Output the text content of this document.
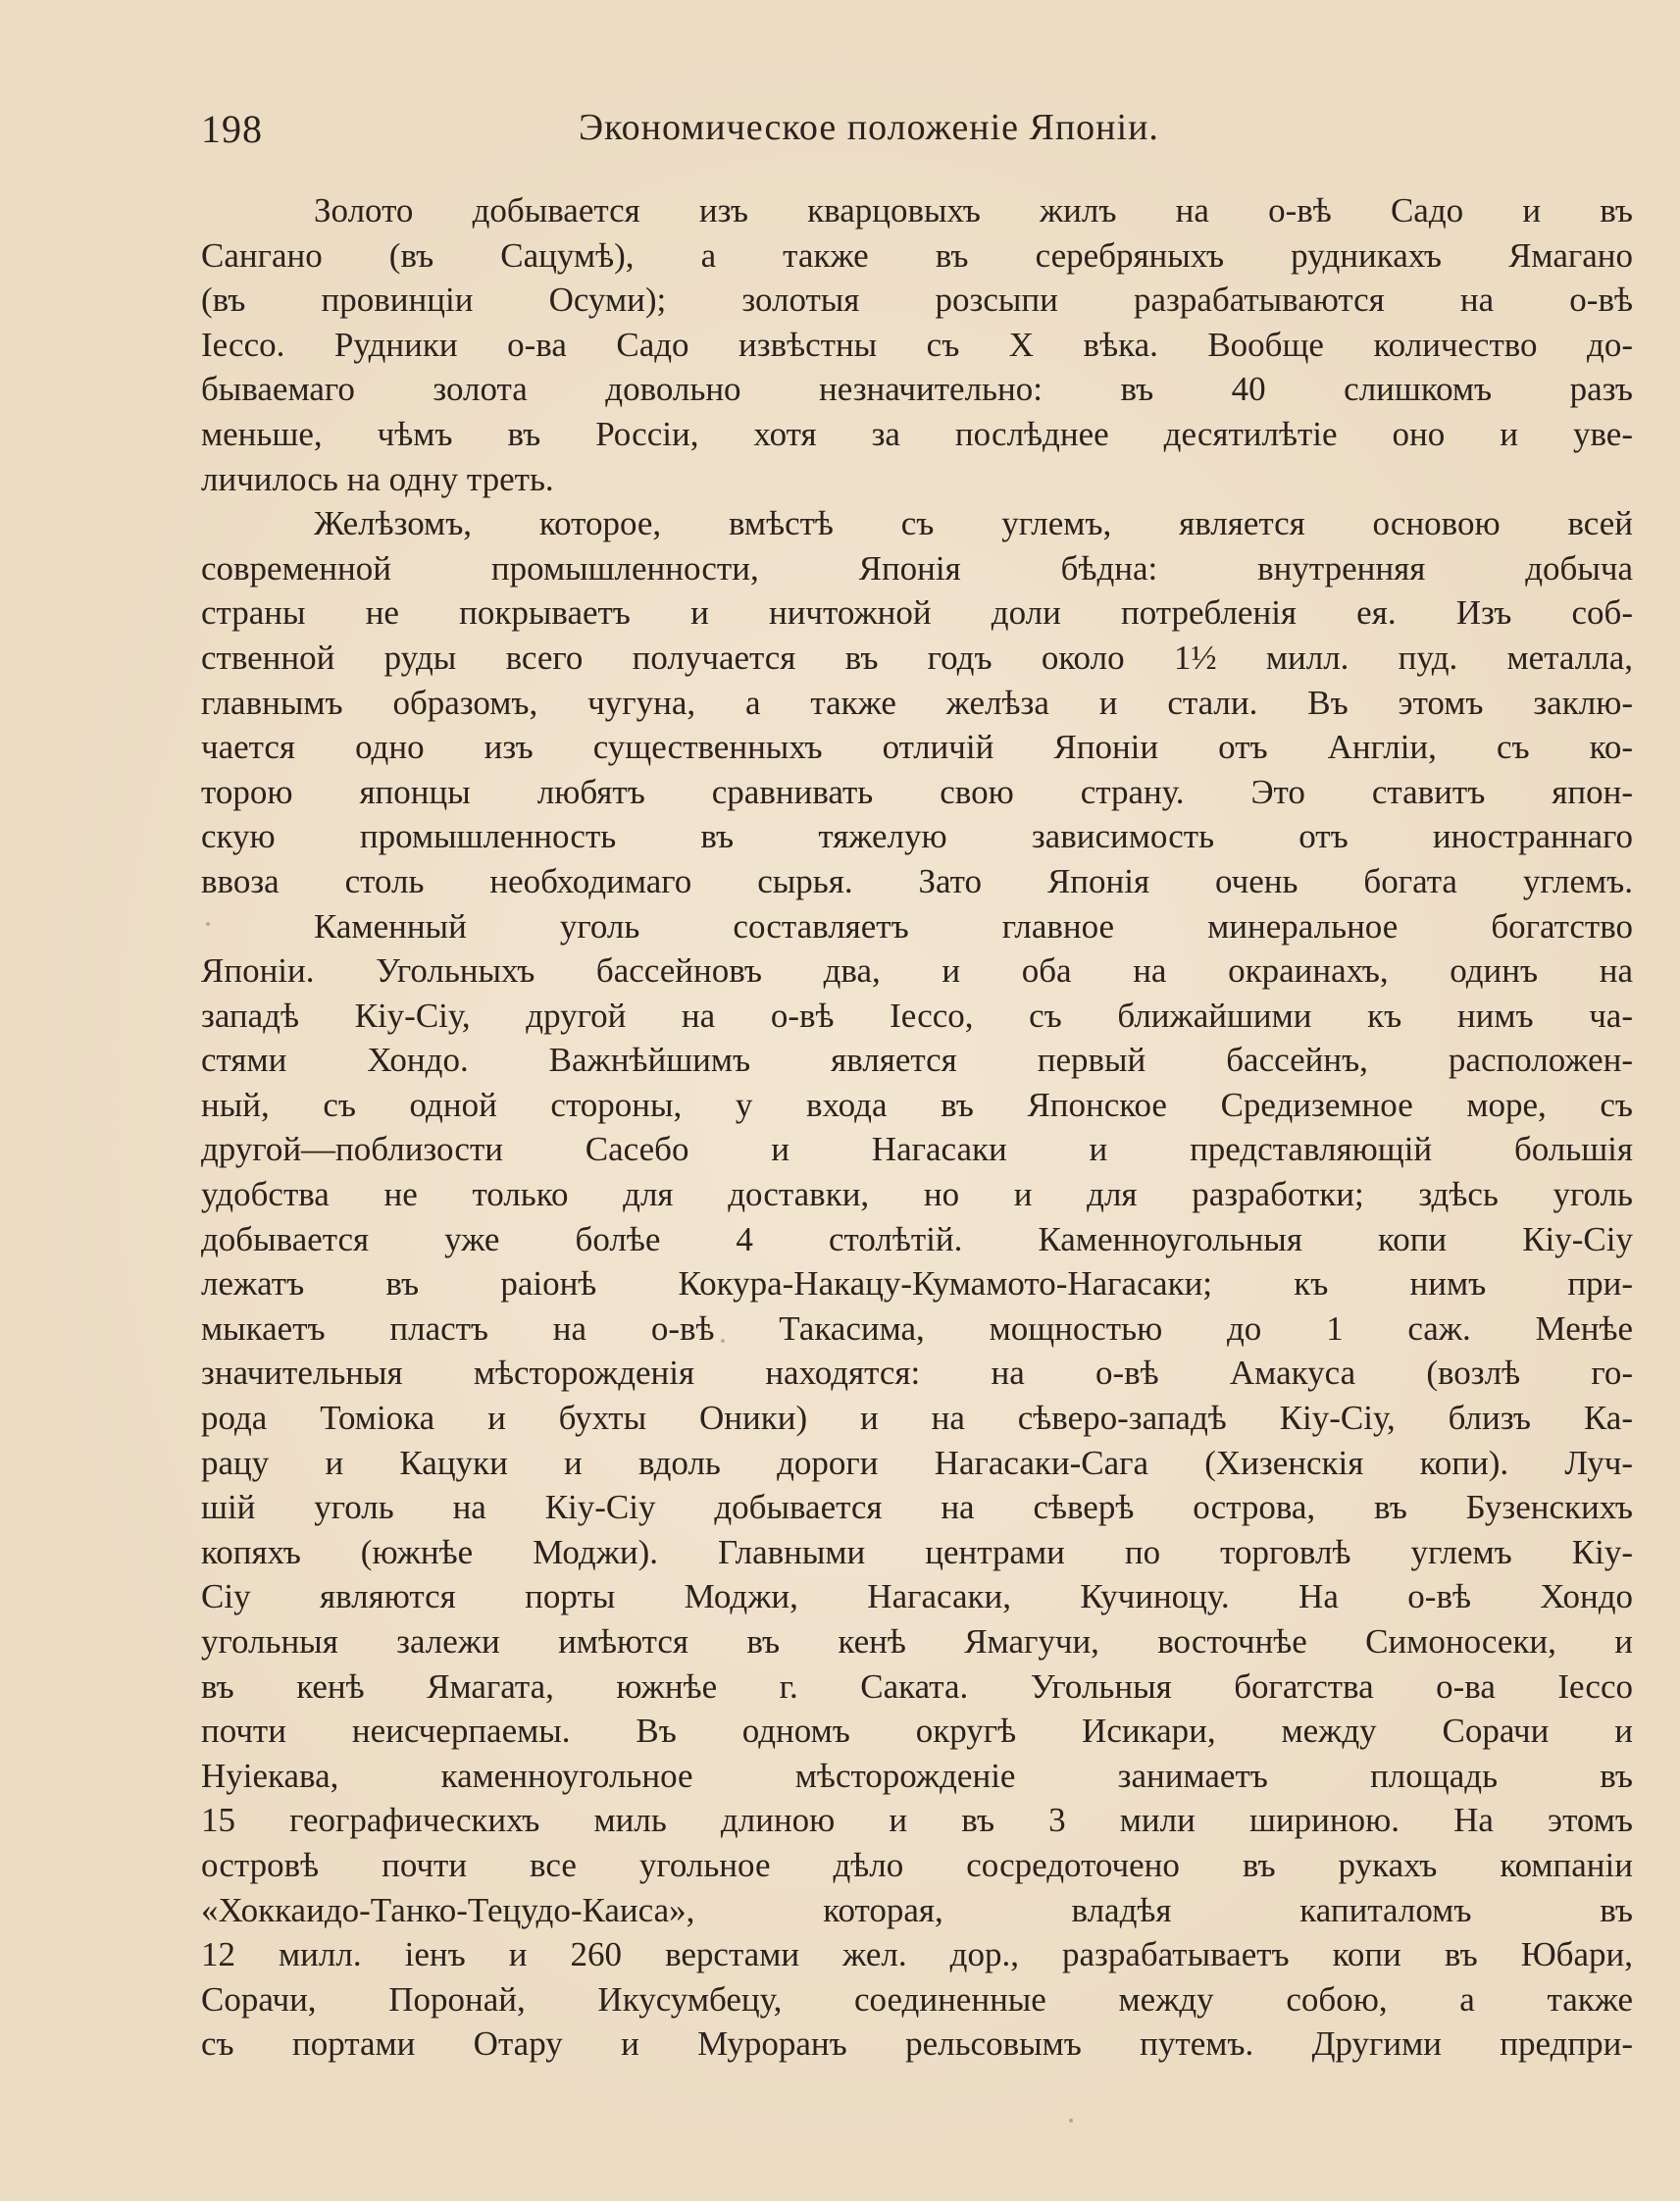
198	Экономическое положеніе Японіи.
Золото добывается изъ кварцовыхъ жилъ на о-вѣ Садо и въ
Сангано (въ Сацумѣ), а также въ серебряныхъ рудникахъ Ямагано
(въ провинціи Осуми); золотыя розсыпи разрабатываются на о-вѣ
Іессо. Рудники о-ва Садо извѣстны съ X вѣка. Вообще количество до-
бываемаго золота довольно незначительно: въ 40 слишкомъ разъ
меньше, чѣмъ въ Россіи, хотя за послѣднее десятилѣтіе оно и уве-
личилось на одну треть.
Желѣзомъ, которое, вмѣстѣ съ углемъ, является основою всей
современной промышленности, Японія бѣдна: внутренняя добыча
страны не покрываетъ и ничтожной доли потребленія ея. Изъ соб-
ственной руды всего получается въ годъ около 1½ милл. пуд. металла,
главнымъ образомъ, чугуна, а также желѣза и стали. Въ этомъ заклю-
чается одно изъ существенныхъ отличій Японіи отъ Англіи, съ ко-
торою японцы любятъ сравнивать свою страну. Это ставитъ япон-
скую промышленность въ тяжелую зависимость отъ иностраннаго
ввоза столь необходимаго сырья. Зато Японія очень богата углемъ.
Каменный уголь составляетъ главное минеральное богатство
Японіи. Угольныхъ бассейновъ два, и оба на окраинахъ, одинъ на
западѣ Кіу-Сіу, другой на о-вѣ Іессо, съ ближайшими къ нимъ ча-
стями Хондо. Важнѣйшимъ является первый бассейнъ, расположен-
ный, съ одной стороны, у входа въ Японское Средиземное море, съ
другой—поблизости Сасебо и Нагасаки и представляющій большія
удобства не только для доставки, но и для разработки; здѣсь уголь
добывается уже болѣе 4 столѣтій. Каменноугольныя копи Кіу-Сіу
лежатъ въ раіонѣ Кокура-Накацу-Кумамото-Нагасаки; къ нимъ при-
мыкаетъ пластъ на о-вѣ Такасима, мощностью до 1 саж. Менѣе
значительныя мѣсторожденія находятся: на о-вѣ Амакуса (возлѣ го-
рода Томіока и бухты Оники) и на сѣверо-западѣ Кіу-Сіу, близъ Ка-
рацу и Кацуки и вдоль дороги Нагасаки-Сага (Хизенскія копи). Луч-
шій уголь на Кіу-Сіу добывается на сѣверѣ острова, въ Бузенскихъ
копяхъ (южнѣе Моджи). Главными центрами по торговлѣ углемъ Кіу-
Сіу являются порты Моджи, Нагасаки, Кучиноцу. На о-вѣ Хондо
угольныя залежи имѣются въ кенѣ Ямагучи, восточнѣе Симоносеки, и
въ кенѣ Ямагата, южнѣе г. Саката. Угольныя богатства о-ва Іессо
почти неисчерпаемы. Въ одномъ округѣ Исикари, между Сорачи и
Нуіекава, каменноугольное мѣсторожденіе занимаетъ площадь въ
15 географическихъ миль длиною и въ 3 мили шириною. На этомъ
островѣ почти все угольное дѣло сосредоточено въ рукахъ компаніи
«Хоккаидо-Танко-Тецудо-Каиса», которая, владѣя капиталомъ въ
12 милл. іенъ и 260 верстами жел. дор., разрабатываетъ копи въ Юбари,
Сорачи, Поронай, Икусумбецу, соединенные между собою, а также
съ портами Отару и Муроранъ рельсовымъ путемъ. Другими предпри-
